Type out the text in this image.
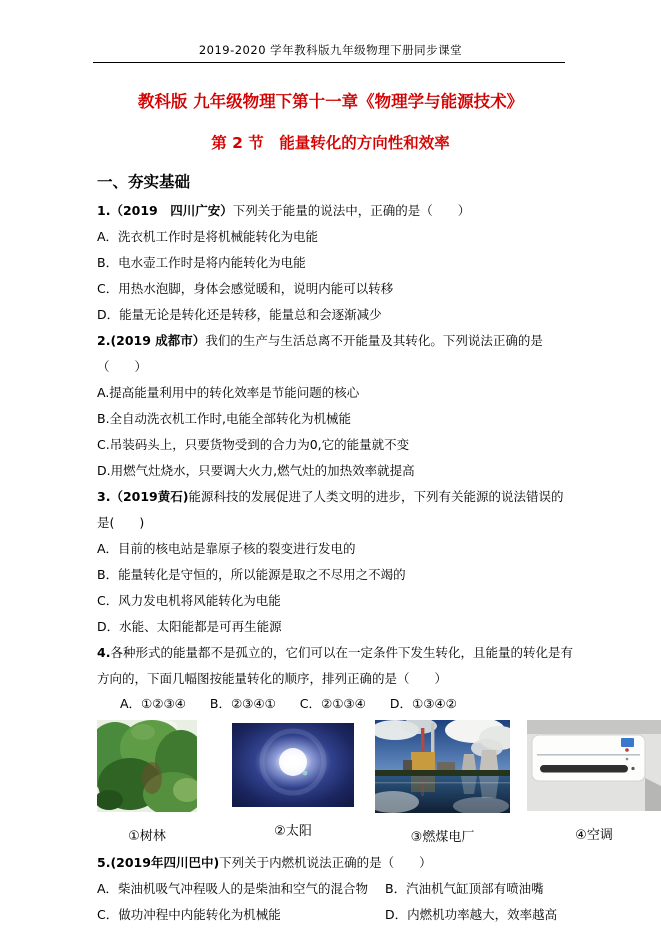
2019-2020 学年教科版九年级物理下册同步课堂
教科版 九年级物理下第十一章《物理学与能源技术》
第 2 节　能量转化的方向性和效率
一、夯实基础

1.（2019　四川广安）下列关于能量的说法中，正确的是（　　）

A．洗衣机工作时是将机械能转化为电能

B．电水壶工作时是将内能转化为电能

C．用热水泡脚，身体会感觉暖和，说明内能可以转移

D．能量无论是转化还是转移，能量总和会逐渐减少

2.(2019 成都市）我们的生产与生活总离不开能量及其转化。下列说法正确的是（　　）

A.提高能量利用中的转化效率是节能问题的核心

B.全自动洗衣机工作时,电能全部转化为机械能

C.吊装码头上，只要货物受到的合力为0,它的能量就不变

D.用燃气灶烧水，只要调大火力,燃气灶的加热效率就提高

3.（2019黄石)能源科技的发展促进了人类文明的进步，下列有关能源的说法错误的是(　　)

A．目前的核电站是靠原子核的裂变进行发电的

B．能量转化是守恒的，所以能源是取之不尽用之不竭的

C．风力发电机将风能转化为电能

D．水能、太阳能都是可再生能源

4.各种形式的能量都不是孤立的，它们可以在一定条件下发生转化，且能量的转化是有方向的，下面几幅图按能量转化的顺序，排列正确的是（　　）

A．①②③④ B．②③④① C．②①③④ D．①③④②
①树林	②太阳	③燃煤电厂	④空调

5.(2019年四川巴中)下列关于内燃机说法正确的是（　　）

A．柴油机吸气冲程吸人的是柴油和空气的混合物	B．汽油机气缸顶部有喷油嘴

C．做功冲程中内能转化为机械能	D．内燃机功率越大，效率越高
